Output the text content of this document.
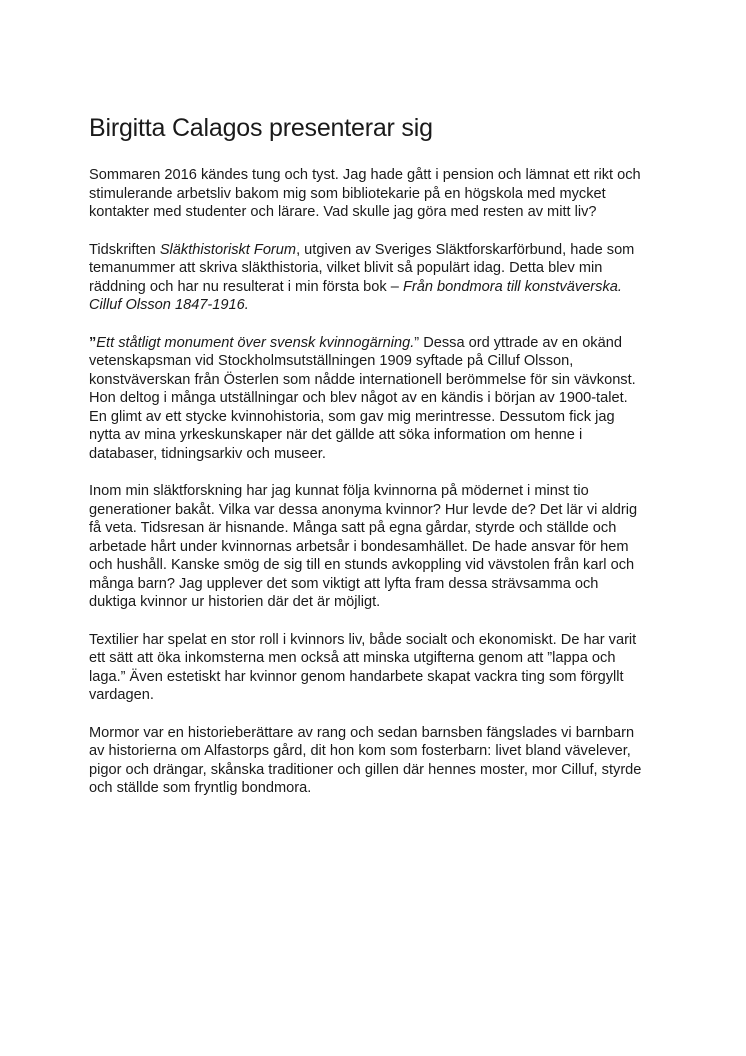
Birgitta Calagos presenterar sig

Sommaren 2016 kändes tung och tyst. Jag hade gått i pension och lämnat ett rikt och stimulerande arbetsliv bakom mig som bibliotekarie på en högskola med mycket kontakter med studenter och lärare. Vad skulle jag göra med resten av mitt liv?

Tidskriften Släkthistoriskt Forum, utgiven av Sveriges Släktforskarförbund, hade som temanummer att skriva släkthistoria, vilket blivit så populärt idag. Detta blev min räddning och har nu resulterat i min första bok – Från bondmora till konstväverska. Cilluf Olsson 1847-1916.

”Ett ståtligt monument över svensk kvinnogärning.” Dessa ord yttrade av en okänd vetenskapsman vid Stockholmsutställningen 1909 syftade på Cilluf Olsson, konstväverskan från Österlen som nådde internationell berömmelse för sin vävkonst. Hon deltog i många utställningar och blev något av en kändis i början av 1900-talet. En glimt av ett stycke kvinnohistoria, som gav mig merintresse. Dessutom fick jag nytta av mina yrkeskunskaper när det gällde att söka information om henne i databaser, tidningsarkiv och museer.

Inom min släktforskning har jag kunnat följa kvinnorna på mödernet i minst tio generationer bakåt. Vilka var dessa anonyma kvinnor? Hur levde de? Det lär vi aldrig få veta. Tidsresan är hisnande. Många satt på egna gårdar, styrde och ställde och arbetade hårt under kvinnornas arbetsår i bondesamhället. De hade ansvar för hem och hushåll. Kanske smög de sig till en stunds avkoppling vid vävstolen från karl och många barn? Jag upplever det som viktigt att lyfta fram dessa strävsamma och duktiga kvinnor ur historien där det är möjligt.

Textilier har spelat en stor roll i kvinnors liv, både socialt och ekonomiskt. De har varit ett sätt att öka inkomsterna men också att minska utgifterna genom att ”lappa och laga.” Även estetiskt har kvinnor genom handarbete skapat vackra ting som förgyllt vardagen.

Mormor var en historieberättare av rang och sedan barnsben fängslades vi barnbarn av historierna om Alfastorps gård, dit hon kom som fosterbarn: livet bland vävelever, pigor och drängar, skånska traditioner och gillen där hennes moster, mor Cilluf, styrde och ställde som fryntlig bondmora.
